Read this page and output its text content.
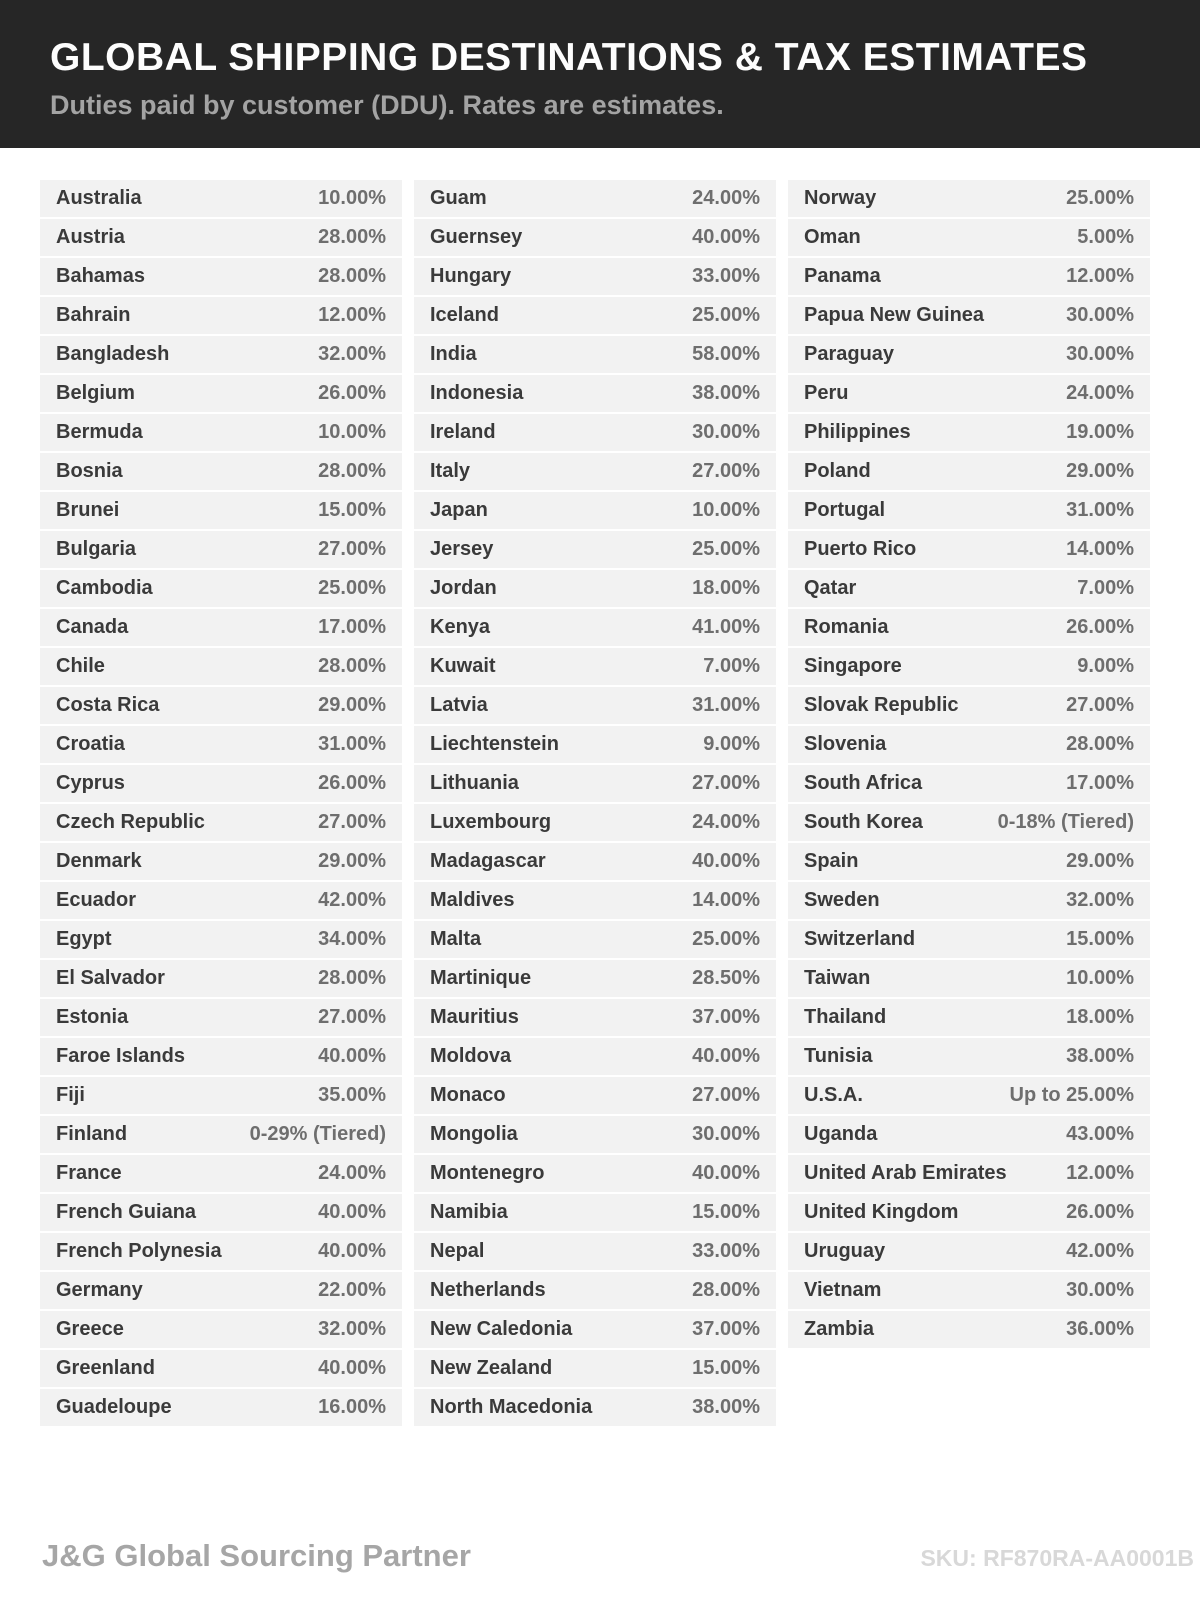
GLOBAL SHIPPING DESTINATIONS & TAX ESTIMATES
Duties paid by customer (DDU). Rates are estimates.
Australia	10.00%
Austria	28.00%
Bahamas	28.00%
Bahrain	12.00%
Bangladesh	32.00%
Belgium	26.00%
Bermuda	10.00%
Bosnia	28.00%
Brunei	15.00%
Bulgaria	27.00%
Cambodia	25.00%
Canada	17.00%
Chile	28.00%
Costa Rica	29.00%
Croatia	31.00%
Cyprus	26.00%
Czech Republic	27.00%
Denmark	29.00%
Ecuador	42.00%
Egypt	34.00%
El Salvador	28.00%
Estonia	27.00%
Faroe Islands	40.00%
Fiji	35.00%
Finland	0-29% (Tiered)
France	24.00%
French Guiana	40.00%
French Polynesia	40.00%
Germany	22.00%
Greece	32.00%
Greenland	40.00%
Guadeloupe	16.00%
Guam	24.00%
Guernsey	40.00%
Hungary	33.00%
Iceland	25.00%
India	58.00%
Indonesia	38.00%
Ireland	30.00%
Italy	27.00%
Japan	10.00%
Jersey	25.00%
Jordan	18.00%
Kenya	41.00%
Kuwait	7.00%
Latvia	31.00%
Liechtenstein	9.00%
Lithuania	27.00%
Luxembourg	24.00%
Madagascar	40.00%
Maldives	14.00%
Malta	25.00%
Martinique	28.50%
Mauritius	37.00%
Moldova	40.00%
Monaco	27.00%
Mongolia	30.00%
Montenegro	40.00%
Namibia	15.00%
Nepal	33.00%
Netherlands	28.00%
New Caledonia	37.00%
New Zealand	15.00%
North Macedonia	38.00%
Norway	25.00%
Oman	5.00%
Panama	12.00%
Papua New Guinea	30.00%
Paraguay	30.00%
Peru	24.00%
Philippines	19.00%
Poland	29.00%
Portugal	31.00%
Puerto Rico	14.00%
Qatar	7.00%
Romania	26.00%
Singapore	9.00%
Slovak Republic	27.00%
Slovenia	28.00%
South Africa	17.00%
South Korea	0-18% (Tiered)
Spain	29.00%
Sweden	32.00%
Switzerland	15.00%
Taiwan	10.00%
Thailand	18.00%
Tunisia	38.00%
U.S.A.	Up to 25.00%
Uganda	43.00%
United Arab Emirates	12.00%
United Kingdom	26.00%
Uruguay	42.00%
Vietnam	30.00%
Zambia	36.00%
J&G Global Sourcing Partner	SKU: RF870RA-AA0001B
